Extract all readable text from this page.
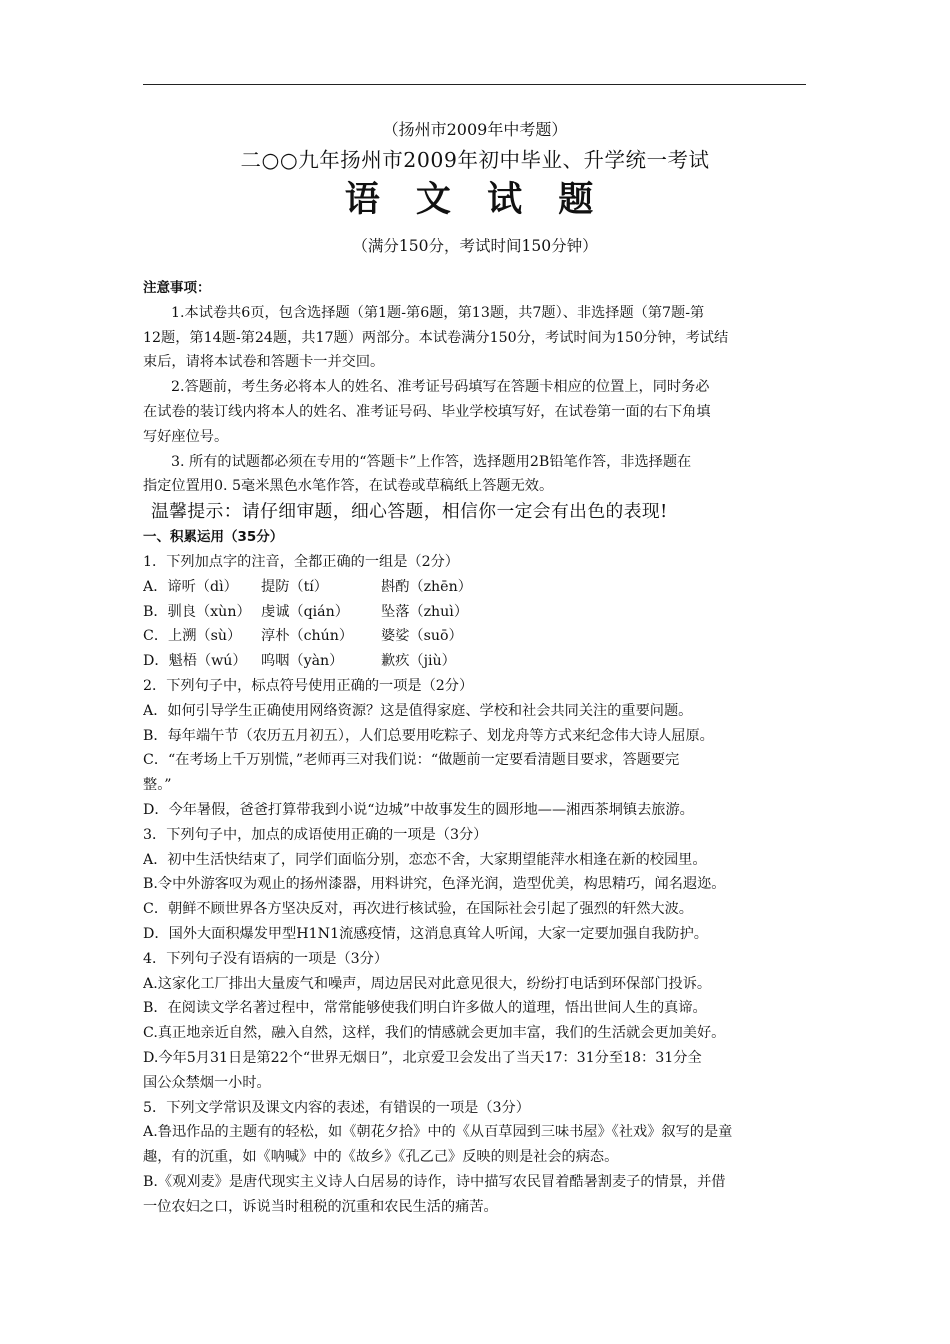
（扬州市2009年中考题）
二○○九年扬州市2009年初中毕业、升学统一考试
语 文 试 题
（满分150分，考试时间150分钟）
注意事项：
1.本试卷共6页，包含选择题（第1题-第6题，第13题，共7题）、非选择题（第7题-第
12题，第14题-第24题，共17题）两部分。本试卷满分150分，考试时间为150分钟，考试结
束后，请将本试卷和答题卡一并交回。
2.答题前，考生务必将本人的姓名、准考证号码填写在答题卡相应的位置上，同时务必
在试卷的装订线内将本人的姓名、准考证号码、毕业学校填写好，在试卷第一面的右下角填
写好座位号。
3. 所有的试题都必须在专用的“答题卡”上作答，选择题用2B铅笔作答，非选择题在
指定位置用0. 5毫米黑色水笔作答，在试卷或草稿纸上答题无效。
温馨提示：请仔细审题，细心答题，相信你一定会有出色的表现!
一、积累运用（35分）
1．下列加点字的注音，全都正确的一组是（2分）
A．谛听（dì） 提防（tí）	斟酌（zhēn）
B．驯良（xùn） 虔诚（qián） 坠落（zhuì）
C．上溯（sù） 淳朴（chún） 婆娑（suō）
D．魁梧（wú） 呜咽（yàn）	歉疚（jiù）
2．下列句子中，标点符号使用正确的一项是（2分）
A．如何引导学生正确使用网络资源？这是值得家庭、学校和社会共同关注的重要问题。
B．每年端午节（农历五月初五），人们总要用吃粽子、划龙舟等方式来纪念伟大诗人屈原。
C．“在考场上千万别慌，”老师再三对我们说：“做题前一定要看清题目要求，答题要完
整。”
D．今年暑假，爸爸打算带我到小说“边城”中故事发生的圆形地——湘西茶垌镇去旅游。
3．下列句子中，加点的成语使用正确的一项是（3分）
A．初中生活快结束了，同学们面临分别，恋恋不舍，大家期望能萍水相逢在新的校园里。
B.令中外游客叹为观止的扬州漆器，用料讲究，色泽光润，造型优美，构思精巧，闻名遐迩。
C．朝鲜不顾世界各方坚决反对，再次进行核试验，在国际社会引起了强烈的轩然大波。
D．国外大面积爆发甲型H1N1流感疫情，这消息真耸人听闻，大家一定要加强自我防护。
4．下列句子没有语病的一项是（3分）
A.这家化工厂排出大量废气和噪声，周边居民对此意见很大，纷纷打电话到环保部门投诉。
B．在阅读文学名著过程中，常常能够使我们明白许多做人的道理，悟出世间人生的真谛。
C.真正地亲近自然，融入自然，这样，我们的情感就会更加丰富，我们的生活就会更加美好。
D.今年5月31日是第22个“世界无烟日”，北京爱卫会发出了当天17：31分至18：31分全
国公众禁烟一小时。
5．下列文学常识及课文内容的表述，有错误的一项是（3分）
A.鲁迅作品的主题有的轻松，如《朝花夕拾》中的《从百草园到三味书屋》《社戏》叙写的是童
趣，有的沉重，如《呐喊》中的《故乡》《孔乙己》反映的则是社会的病态。
B.《观刈麦》是唐代现实主义诗人白居易的诗作，诗中描写农民冒着酷暑割麦子的情景，并借
一位农妇之口，诉说当时租税的沉重和农民生活的痛苦。
